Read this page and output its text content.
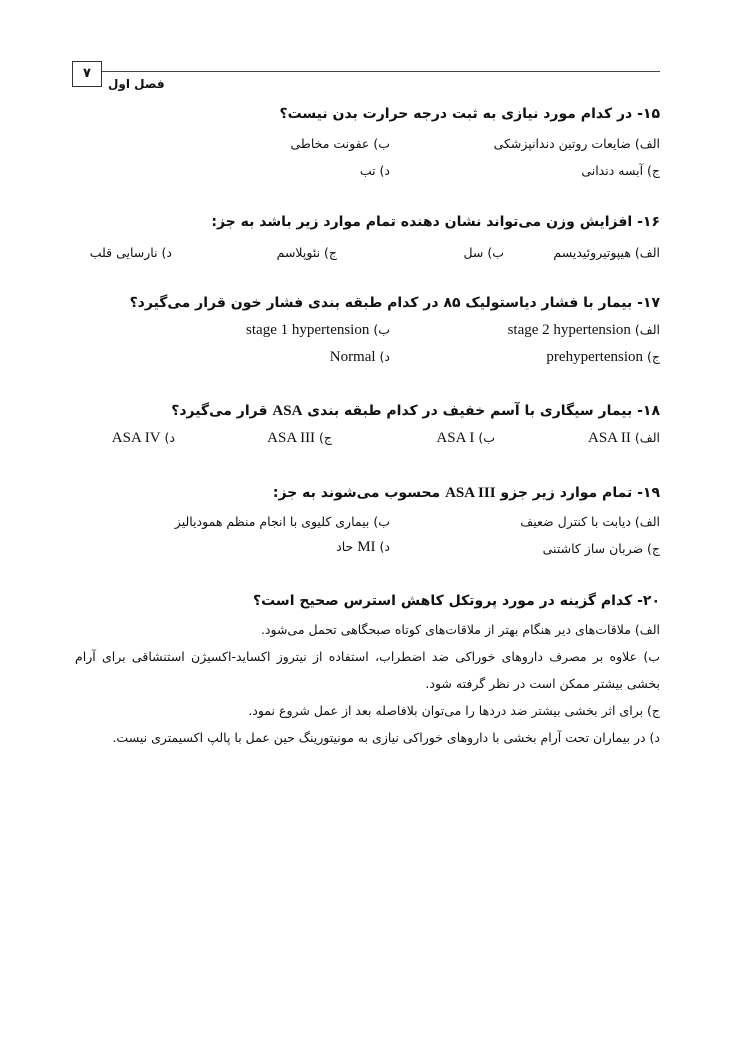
۷
فصل اول
۱۵- در کدام مورد نیازی به ثبت درجه حرارت بدن نیست؟
الف) ضایعات روتین دندانپزشکی
ب) عفونت مخاطی
ج) آبسه دندانی
د) تب
۱۶- افزایش وزن می‌تواند نشان دهنده تمام موارد زیر باشد به جز:
الف) هیپوتیروئیدیسم
ب) سل
ج) نئوپلاسم
د) نارسایی قلب
۱۷- بیمار با فشار دیاستولیک ۸۵ در کدام طبقه بندی فشار خون قرار می‌گیرد؟
الف) stage 2 hypertension
ب) stage 1 hypertension
ج) prehypertension
د) Normal
۱۸- بیمار سیگاری با آسم خفیف در کدام طبقه بندی ASA قرار می‌گیرد؟
الف) ASA II
ب) ASA I
ج) ASA III
د) ASA IV
۱۹- تمام موارد زیر جزو ASA III محسوب می‌شوند به جز:
الف) دیابت با کنترل ضعیف
ب) بیماری کلیوی با انجام منظم همودیالیز
ج) ضربان ساز کاشتنی
د) MI حاد
۲۰- کدام گزینه در مورد پروتکل کاهش استرس صحیح است؟
الف) ملاقات‌های دیر هنگام بهتر از ملاقات‌های کوتاه صبحگاهی تحمل می‌شود.
ب) علاوه بر مصرف داروهای خوراکی ضد اضطراب، استفاده از نیتروز اکساید-اکسیژن استنشاقی برای آرام بخشی بیشتر ممکن است در نظر گرفته شود.
ج) برای اثر بخشی بیشتر ضد دردها را می‌توان بلافاصله بعد از عمل شروع نمود.
د) در بیماران تحت آرام بخشی با داروهای خوراکی نیازی به مونیتورینگ حین عمل با پالپ اکسیمتری نیست.
